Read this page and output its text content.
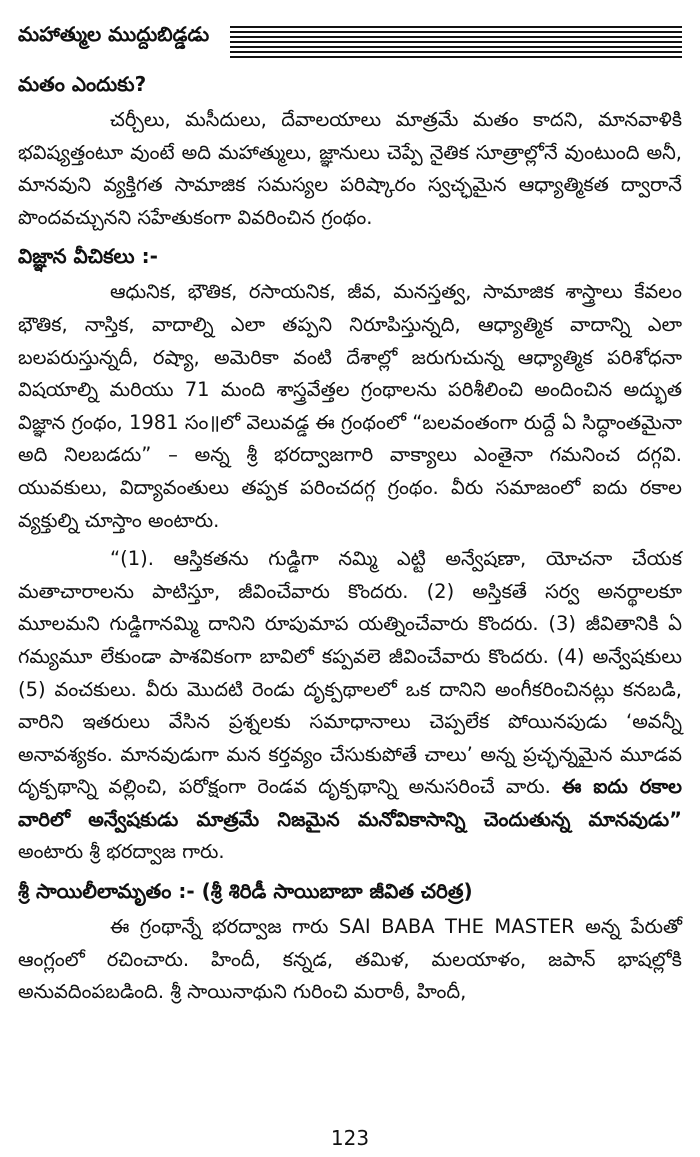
మహాత్ముల ముద్దుబిడ్డడు
మతం ఎందుకు?

చర్చీలు, మసీదులు, దేవాలయాలు మాత్రమే మతం కాదని, మానవాళికి భవిష్యత్తంటూ వుంటే అది మహాత్ములు, జ్ఞానులు చెప్పే నైతిక సూత్రాల్లోనే వుంటుంది అనీ, మానవుని వ్యక్తిగత సామాజిక సమస్యల పరిష్కారం స్వచ్ఛమైన ఆధ్యాత్మికత ద్వారానే పొందవచ్చునని సహేతుకంగా వివరించిన గ్రంథం.

విజ్ఞాన వీచికలు :-

ఆధునిక, భౌతిక, రసాయనిక, జీవ, మనస్తత్వ, సామాజిక శాస్త్రాలు కేవలం భౌతిక, నాస్తిక, వాదాల్ని ఎలా తప్పని నిరూపిస్తున్నది, ఆధ్యాత్మిక వాదాన్ని ఎలా బలపరుస్తున్నదీ, రష్యా, అమెరికా వంటి దేశాల్లో జరుగుచున్న ఆధ్యాత్మిక పరిశోధనా విషయాల్ని మరియు 71 మంది శాస్త్రవేత్తల గ్రంథాలను పరిశీలించి అందించిన అద్భుత విజ్ఞాన గ్రంథం, 1981 సం॥లో వెలువడ్డ ఈ గ్రంథంలో “బలవంతంగా రుద్దే ఏ సిద్ధాంతమైనా అది నిలబడదు” – అన్న శ్రీ భరద్వాజగారి వాక్యాలు ఎంతైనా గమనించ దగ్గవి. యువకులు, విద్యావంతులు తప్పక పరించదగ్గ గ్రంథం. వీరు సమాజంలో ఐదు రకాల వ్యక్తుల్ని చూస్తాం అంటారు.

“(1). ఆస్తికతను గుడ్డిగా నమ్మి ఎట్టి అన్వేషణా, యోచనా చేయక మతాచారాలను పాటిస్తూ, జీవించేవారు కొందరు. (2) అస్తికతే సర్వ అనర్థాలకూ మూలమని గుడ్డిగానమ్మి దానిని రూపుమాప యత్నించేవారు కొందరు. (3) జీవితానికి ఏ గమ్యమూ లేకుండా పాశవికంగా బావిలో కప్పవలె జీవించేవారు కొందరు. (4) అన్వేషకులు (5) వంచకులు. వీరు మొదటి రెండు దృక్పథాలలో ఒక దానిని అంగీకరించినట్లు కనబడి, వారిని ఇతరులు వేసిన ప్రశ్నలకు సమాధానాలు చెప్పలేక పోయినపుడు ‘అవన్నీ అనావశ్యకం. మానవుడుగా మన కర్తవ్యం చేసుకుపోతే చాలు’ అన్న ప్రచ్ఛన్నమైన మూడవ దృక్పథాన్ని వల్లించి, పరోక్షంగా రెండవ దృక్పథాన్ని అనుసరించే వారు. ఈ ఐదు రకాల వారిలో అన్వేషకుడు మాత్రమే నిజమైన మనోవికాసాన్ని చెందుతున్న మానవుడు” అంటారు శ్రీ భరద్వాజ గారు.

శ్రీ సాయిలీలామృతం :- (శ్రీ శిరిడీ సాయిబాబా జీవిత చరిత్ర)

ఈ గ్రంథాన్నే భరద్వాజ గారు SAI BABA THE MASTER అన్న పేరుతో ఆంగ్లంలో రచించారు. హిందీ, కన్నడ, తమిళ, మలయాళం, జపాన్ భాషల్లోకి అనువదింపబడింది. శ్రీ సాయినాథుని గురించి మరాఠీ, హిందీ,

123
